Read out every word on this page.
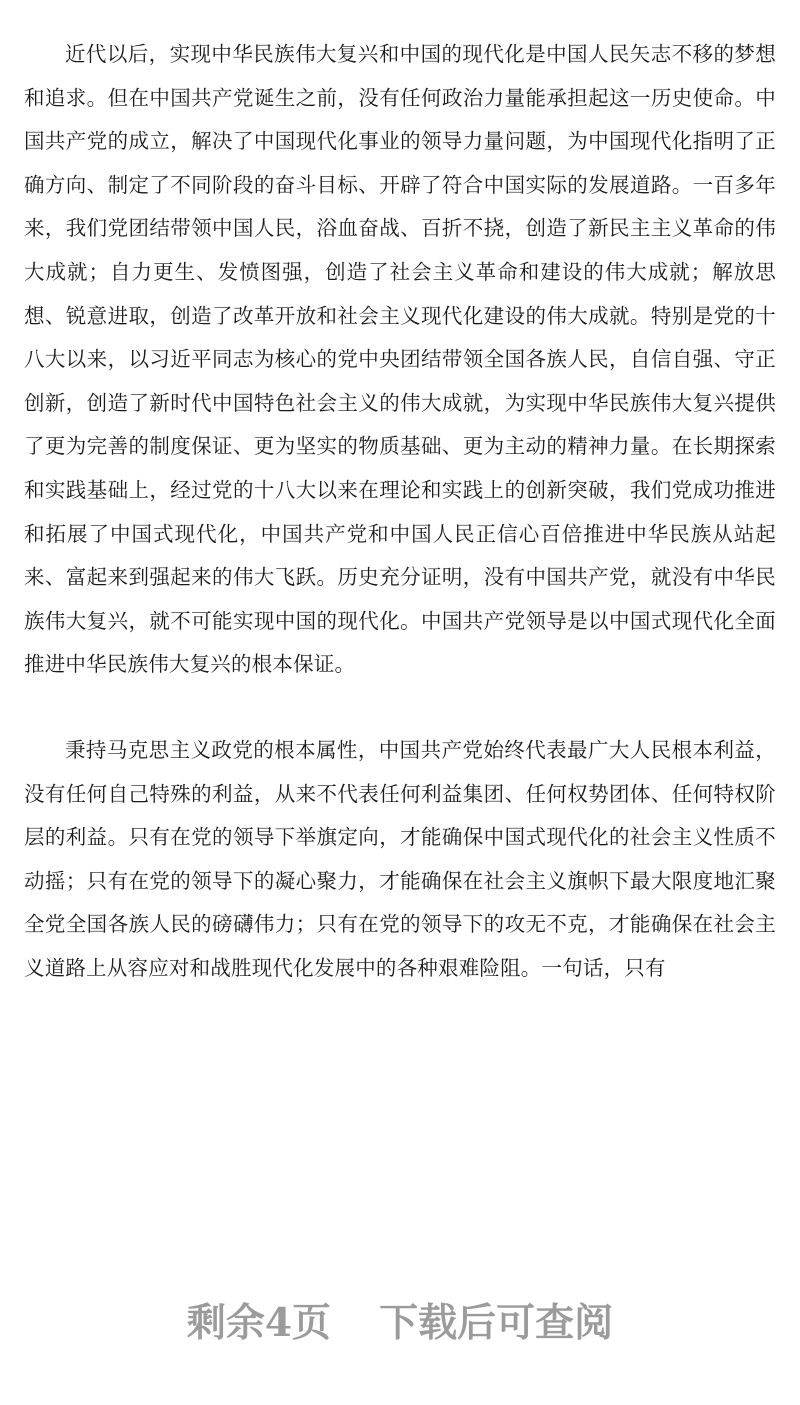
近代以后，实现中华民族伟大复兴和中国的现代化是中国人民矢志不移的梦想和追求。但在中国共产党诞生之前，没有任何政治力量能承担起这一历史使命。中国共产党的成立，解决了中国现代化事业的领导力量问题，为中国现代化指明了正确方向、制定了不同阶段的奋斗目标、开辟了符合中国实际的发展道路。一百多年来，我们党团结带领中国人民，浴血奋战、百折不挠，创造了新民主主义革命的伟大成就；自力更生、发愤图强，创造了社会主义革命和建设的伟大成就；解放思想、锐意进取，创造了改革开放和社会主义现代化建设的伟大成就。特别是党的十八大以来，以习近平同志为核心的党中央团结带领全国各族人民，自信自强、守正创新，创造了新时代中国特色社会主义的伟大成就，为实现中华民族伟大复兴提供了更为完善的制度保证、更为坚实的物质基础、更为主动的精神力量。在长期探索和实践基础上，经过党的十八大以来在理论和实践上的创新突破，我们党成功推进和拓展了中国式现代化，中国共产党和中国人民正信心百倍推进中华民族从站起来、富起来到强起来的伟大飞跃。历史充分证明，没有中国共产党，就没有中华民族伟大复兴，就不可能实现中国的现代化。中国共产党领导是以中国式现代化全面推进中华民族伟大复兴的根本保证。

秉持马克思主义政党的根本属性，中国共产党始终代表最广大人民根本利益，没有任何自己特殊的利益，从来不代表任何利益集团、任何权势团体、任何特权阶层的利益。只有在党的领导下举旗定向，才能确保中国式现代化的社会主义性质不动摇；只有在党的领导下的凝心聚力，才能确保在社会主义旗帜下最大限度地汇聚全党全国各族人民的磅礴伟力；只有在党的领导下的攻无不克，才能确保在社会主义道路上从容应对和战胜现代化发展中的各种艰难险阻。一句话，只有

剩余4页 下载后可查阅
